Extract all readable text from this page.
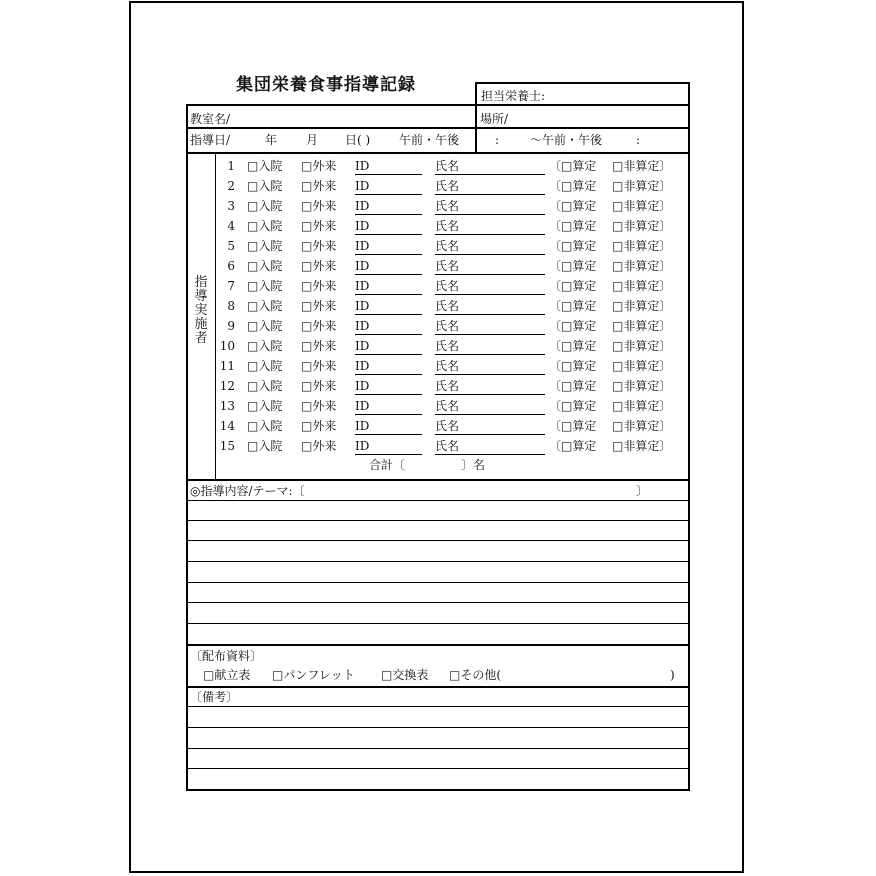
集団栄養食事指導記録
担当栄養士:
教室名/	場所/
指導日/	年 月 日( ) 午前・午後	:	〜午前・午後	:
指導実施者
1 □入院 □外来 ID	氏名	〔□算定 □非算定〕
2 □入院 □外来 ID	氏名	〔□算定 □非算定〕
3 □入院 □外来 ID	氏名	〔□算定 □非算定〕
4 □入院 □外来 ID	氏名	〔□算定 □非算定〕
5 □入院 □外来 ID	氏名	〔□算定 □非算定〕
6 □入院 □外来 ID	氏名	〔□算定 □非算定〕
7 □入院 □外来 ID	氏名	〔□算定 □非算定〕
8 □入院 □外来 ID	氏名	〔□算定 □非算定〕
9 □入院 □外来 ID	氏名	〔□算定 □非算定〕
10 □入院 □外来 ID	氏名	〔□算定 □非算定〕
11 □入院 □外来 ID	氏名	〔□算定 □非算定〕
12 □入院 □外来 ID	氏名	〔□算定 □非算定〕
13 □入院 □外来 ID	氏名	〔□算定 □非算定〕
14 □入院 □外来 ID	氏名	〔□算定 □非算定〕
15 □入院 □外来 ID	氏名	〔□算定 □非算定〕
合計〔	〕名
◎指導内容/テーマ:〔	〕
〔配布資料〕
□献立表 □パンフレット □交換表 □その他(	)
〔備考〕
